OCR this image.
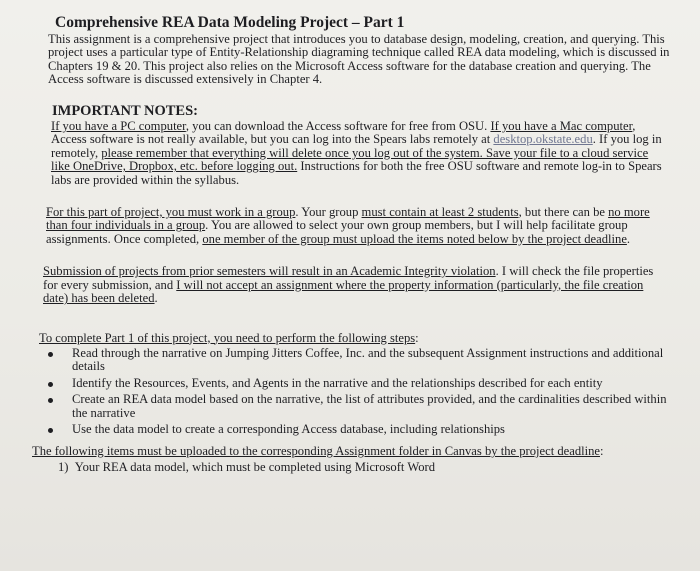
Comprehensive REA Data Modeling Project – Part 1

This assignment is a comprehensive project that introduces you to database design, modeling, creation, and querying. This project uses a particular type of Entity-Relationship diagraming technique called REA data modeling, which is discussed in Chapters 19 & 20. This project also relies on the Microsoft Access software for the database creation and querying. The Access software is discussed extensively in Chapter 4.

IMPORTANT NOTES:

If you have a PC computer, you can download the Access software for free from OSU. If you have a Mac computer, Access software is not really available, but you can log into the Spears labs remotely at desktop.okstate.edu. If you log in remotely, please remember that everything will delete once you log out of the system. Save your file to a cloud service like OneDrive, Dropbox, etc. before logging out. Instructions for both the free OSU software and remote log-in to Spears labs are provided within the syllabus.

For this part of project, you must work in a group. Your group must contain at least 2 students, but there can be no more than four individuals in a group. You are allowed to select your own group members, but I will help facilitate group assignments. Once completed, one member of the group must upload the items noted below by the project deadline.

Submission of projects from prior semesters will result in an Academic Integrity violation. I will check the file properties for every submission, and I will not accept an assignment where the property information (particularly, the file creation date) has been deleted.

To complete Part 1 of this project, you need to perform the following steps:

Read through the narrative on Jumping Jitters Coffee, Inc. and the subsequent Assignment instructions and additional details
Identify the Resources, Events, and Agents in the narrative and the relationships described for each entity
Create an REA data model based on the narrative, the list of attributes provided, and the cardinalities described within the narrative
Use the data model to create a corresponding Access database, including relationships

The following items must be uploaded to the corresponding Assignment folder in Canvas by the project deadline:

1) Your REA data model, which must be completed using Microsoft Word
